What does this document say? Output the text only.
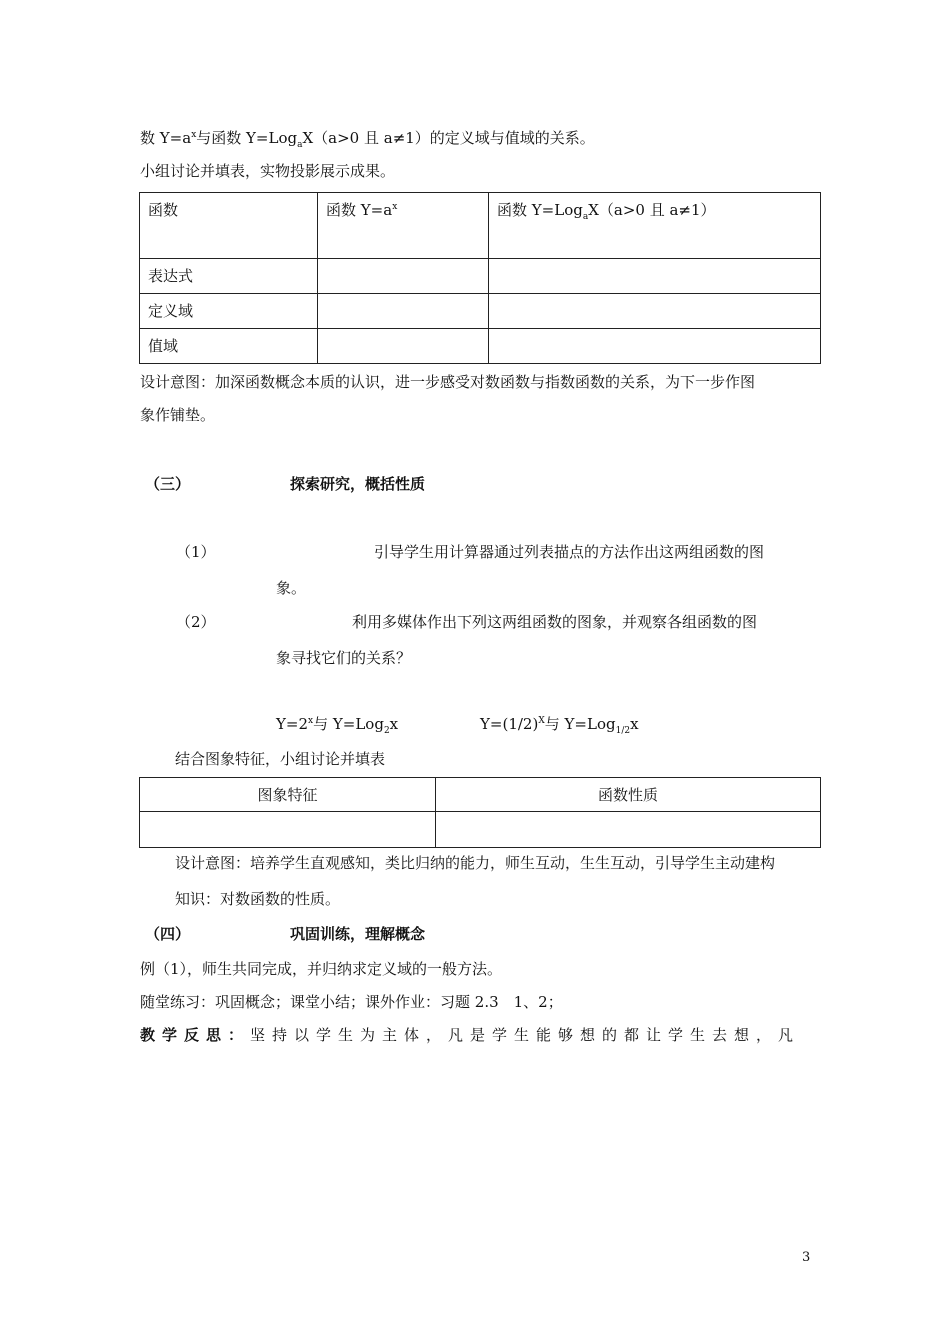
数 $Y=a^x$与函数 Y=Log$_a$X（a>0 且 a≠1）的定义域与值域的关系。
小组讨论并填表，实物投影展示成果。
函数	函数 $Y=a^x$	函数 Y=Log$_a$X（a>0 且 a≠1）
表达式		
定义域		
值域		
设计意图：加深函数概念本质的认识，进一步感受对数函数与指数函数的关系，为下一步作图
象作铺垫。
（三）	探索研究，概括性质
（1）	引导学生用计算器通过列表描点的方法作出这两组函数的图
象。
（2）	利用多媒体作出下列这两组函数的图象，并观察各组函数的图
象寻找它们的关系？
$Y=2^x$与 Y=Log$_2$x	$Y=(1/2)^X$与 Y=Log$_{1/2}$x
结合图象特征，小组讨论并填表
图象特征	函数性质

设计意图：培养学生直观感知，类比归纳的能力，师生互动，生生互动，引导学生主动建构
知识：对数函数的性质。
（四）	巩固训练，理解概念
例（1），师生共同完成，并归纳求定义域的一般方法。
随堂练习：巩固概念；课堂小结；课外作业：习题 2.3　1、2；
教学反思：坚持以学生为主体，凡是学生能够想的都让学生去想，凡
3
